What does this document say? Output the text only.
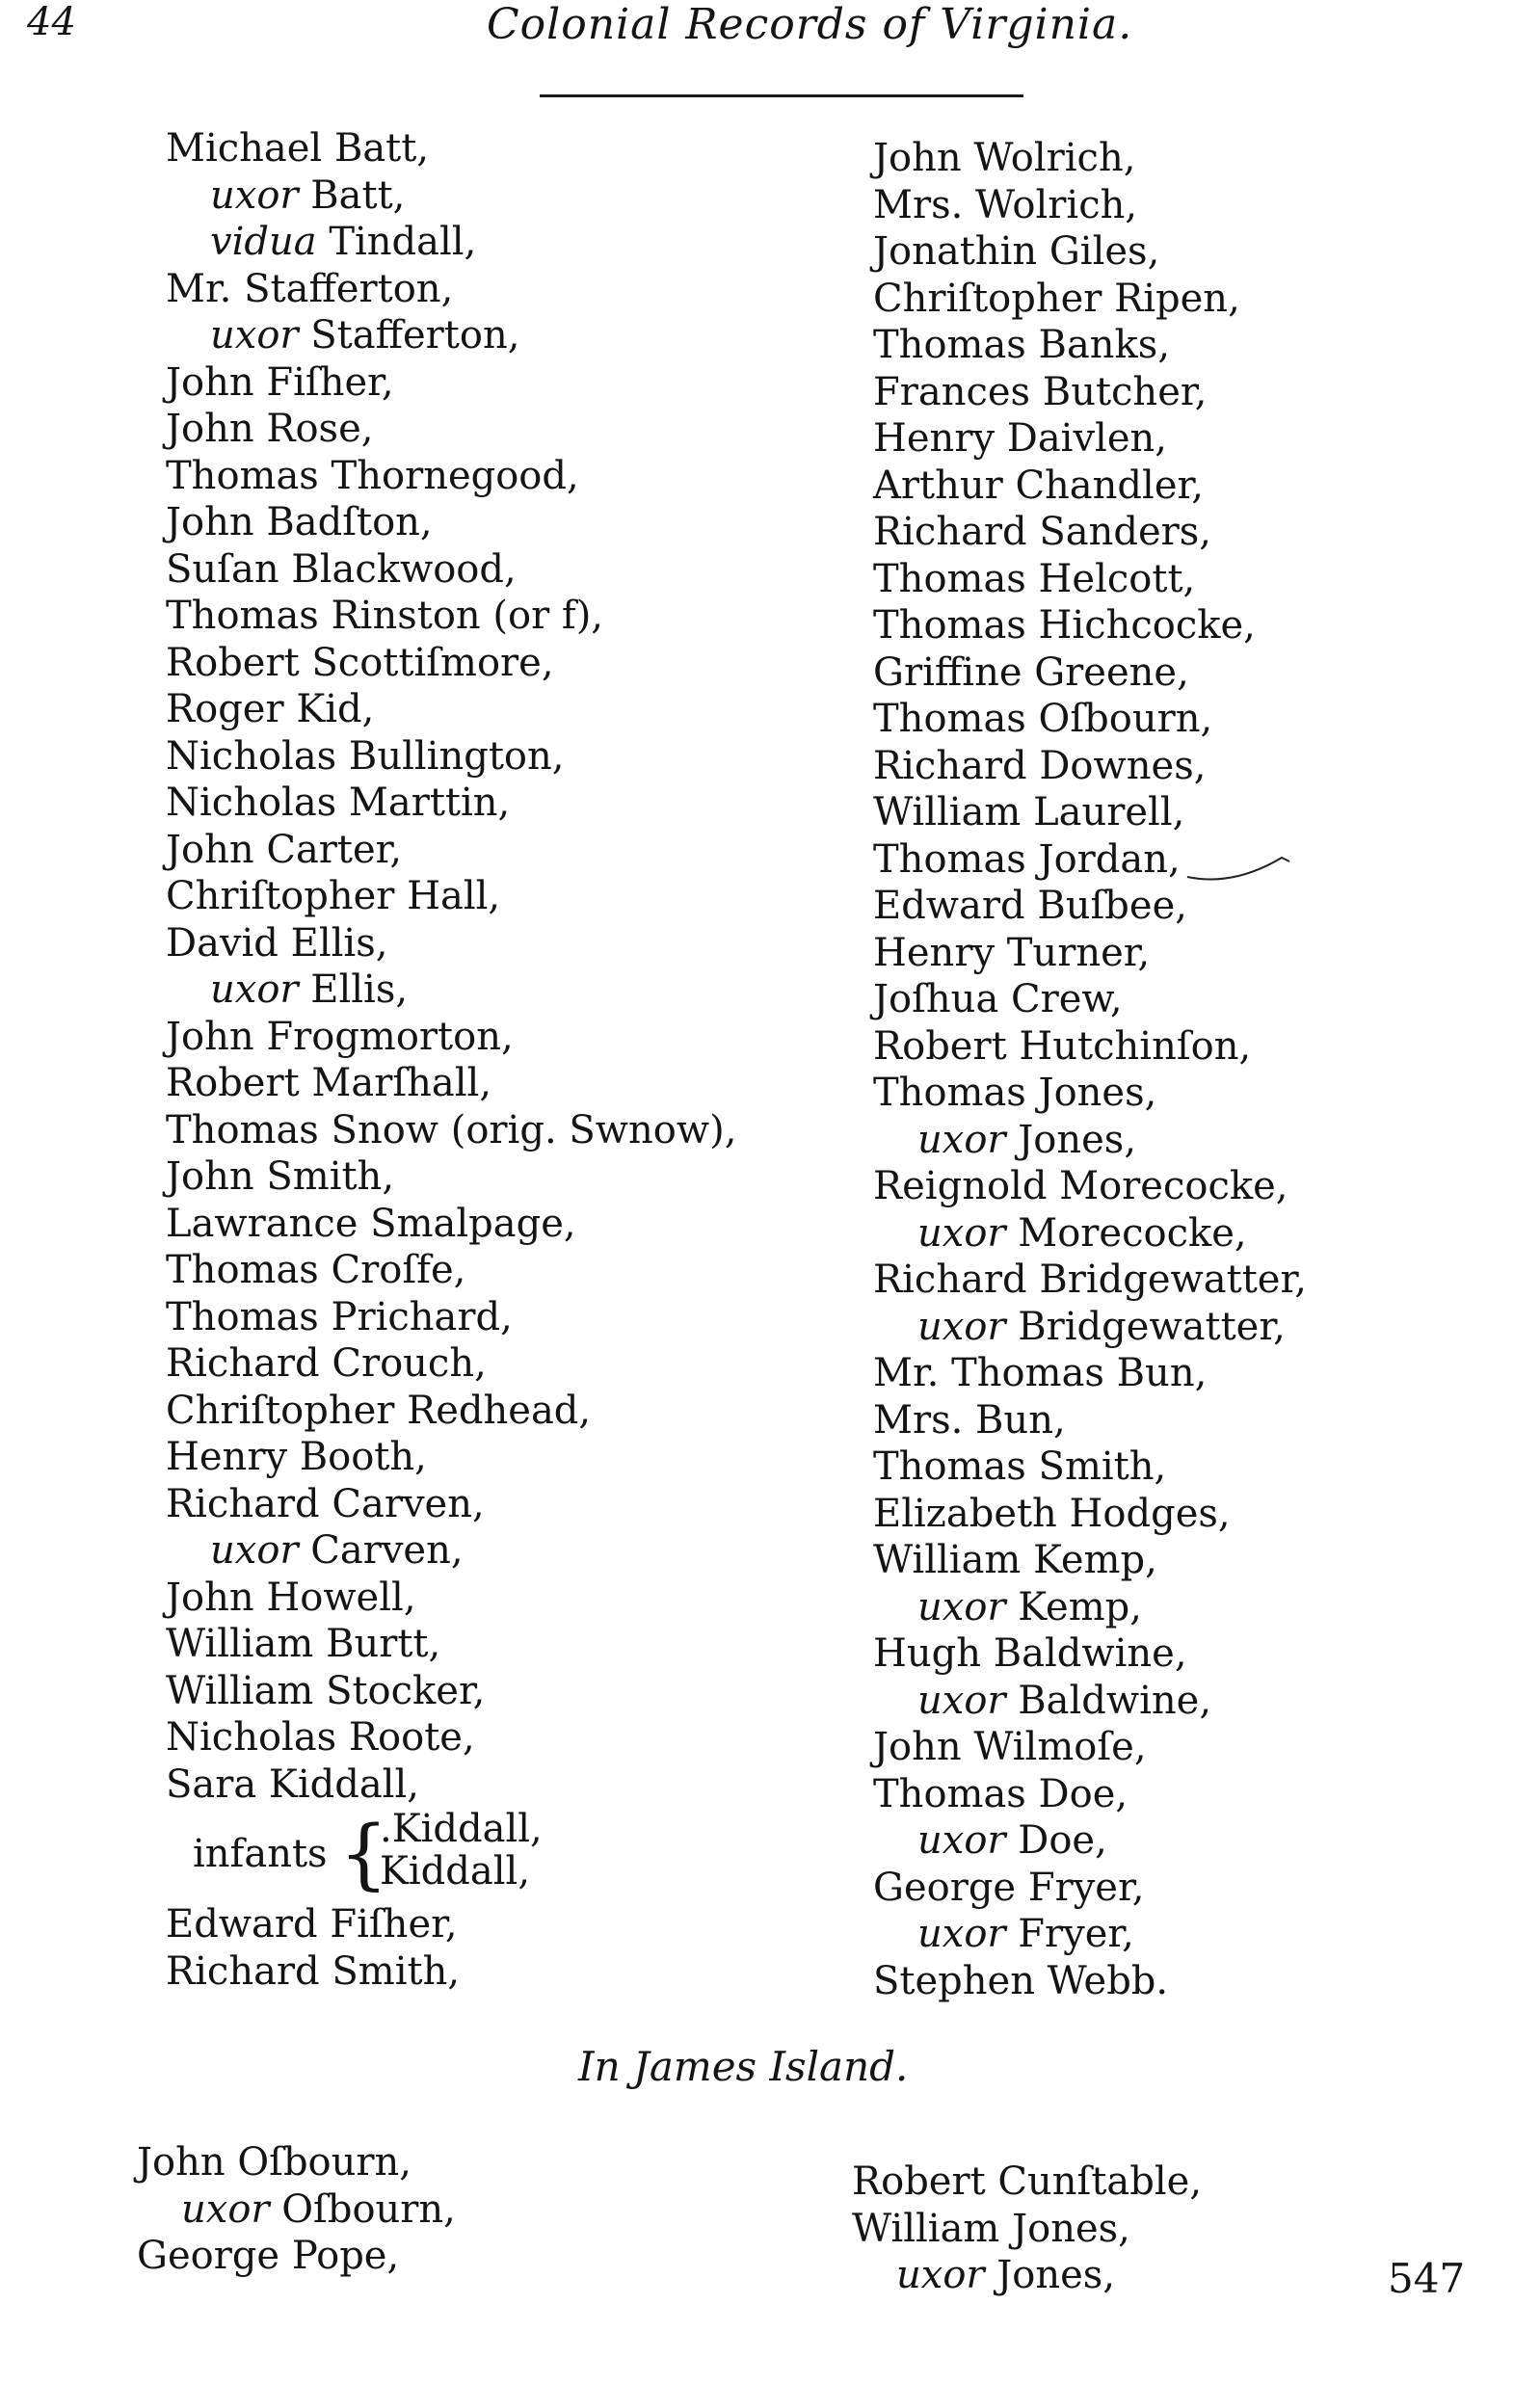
44	Colonial Records of Virginia.
Michael Batt,
uxor Batt,
vidua Tindall,
Mr. Stafferton,
uxor Stafferton,
John Fiſher,
John Rose,
Thomas Thornegood,
John Badſton,
Suſan Blackwood,
Thomas Rinston (or f),
Robert Scottiſmore,
Roger Kid,
Nicholas Bullington,
Nicholas Marttin,
John Carter,
Chriſtopher Hall,
David Ellis,
uxor Ellis,
John Frogmorton,
Robert Marſhall,
Thomas Snow (orig. Swnow),
John Smith,
Lawrance Smalpage,
Thomas Croſfe,
Thomas Prichard,
Richard Crouch,
Chriſtopher Redhead,
Henry Booth,
Richard Carven,
uxor Carven,
John Howell,
William Burtt,
William Stocker,
Nicholas Roote,
Sara Kiddall,
infants {
.Kiddall,
Kiddall,
Edward Fiſher,
Richard Smith,
John Wolrich,
Mrs. Wolrich,
Jonathin Giles,
Chriſtopher Ripen,
Thomas Banks,
Frances Butcher,
Henry Daivlen,
Arthur Chandler,
Richard Sanders,
Thomas Helcott,
Thomas Hichcocke,
Griffine Greene,
Thomas Oſbourn,
Richard Downes,
William Laurell,
Thomas Jordan,
Edward Buſbee,
Henry Turner,
Joſhua Crew,
Robert Hutchinſon,
Thomas Jones,
uxor Jones,
Reignold Morecocke,
uxor Morecocke,
Richard Bridgewatter,
uxor Bridgewatter,
Mr. Thomas Bun,
Mrs. Bun,
Thomas Smith,
Elizabeth Hodges,
William Kemp,
uxor Kemp,
Hugh Baldwine,
uxor Baldwine,
John Wilmoſe,
Thomas Doe,
uxor Doe,
George Fryer,
uxor Fryer,
Stephen Webb.
In James Island.
John Oſbourn,
uxor Oſbourn,
George Pope,
Robert Cunſtable,
William Jones,
uxor Jones,	547
